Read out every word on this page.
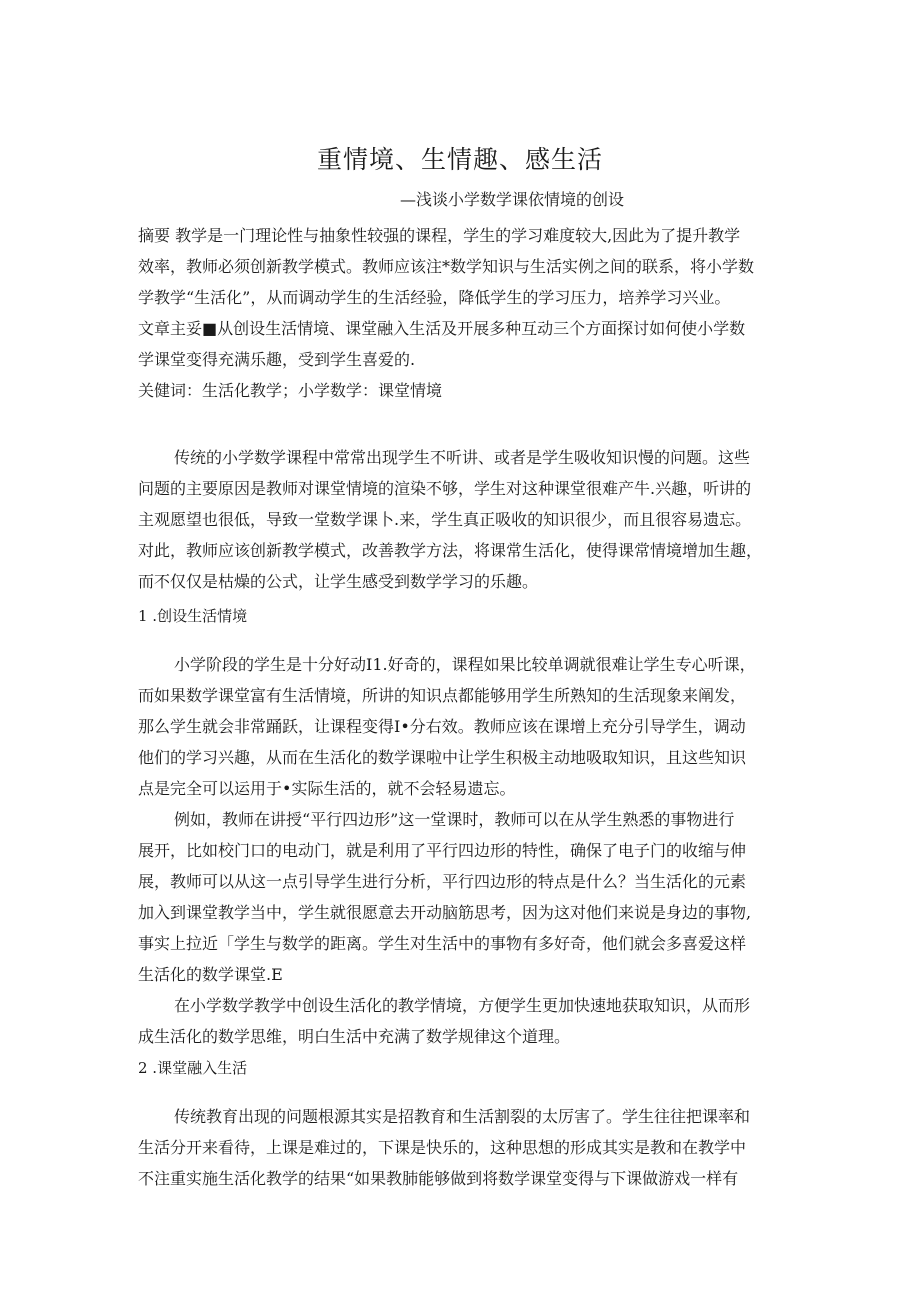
重情境、生情趣、感生活
—浅谈小学数学课依情境的创设
摘要 教学是一门理论性与抽象性较强的课程，学生的学习难度较大,因此为了提升教学
效率，教师必须创新教学模式。教师应该注*数学知识与生活实例之间的联系，将小学数
学教学“生活化”，从而调动学生的生活经验，降低学生的学习压力，培养学习兴业。
文章主妥■从创设生活情境、课堂融入生活及开展多种互动三个方面探讨如何使小学数
学课堂变得充满乐趣，受到学生喜爱的.
关健词：生活化教学；小学数学：课堂情境
传统的小学数学课程中常常出现学生不听讲、或者是学生吸收知识慢的问题。这些
问题的主要原因是教师对课堂情境的渲染不够，学生对这种课堂很难产牛.兴趣，听讲的
主观愿望也很低，导致一堂数学课卜.来，学生真正吸收的知识很少，而且很容易遗忘。
对此，教师应该创新教学模式，改善教学方法，将课常生活化，使得课常情境增加生趣，
而不仅仅是枯燥的公式，让学生感受到数学学习的乐趣。
1 .创设生活情境
小学阶段的学生是十分好动I1.好奇的，课程如果比较单调就很难让学生专心听课，
而如果数学课堂富有生活情境，所讲的知识点都能够用学生所熟知的生活现象来阐发，
那么学生就会非常踊跃，让课程变得I•分右效。教师应该在课增上充分引导学生，调动
他们的学习兴趣，从而在生活化的数学课啦中让学生积极主动地吸取知识，且这些知识
点是完全可以运用于•实际生活的，就不会轻易遗忘。
例如，教师在讲授“平行四边形”这一堂课时，教师可以在从学生熟悉的事物进行
展开，比如校门口的电动门，就是利用了平行四边形的特性，确保了电子门的收缩与伸
展，教师可以从这一点引导学生进行分析，平行四边形的特点是什么？当生活化的元素
加入到课堂教学当中，学生就很愿意去开动脑筋思考，因为这对他们来说是身边的事物,
事实上拉近「学生与数学的距离。学生对生活中的事物有多好奇，他们就会多喜爱这样
生活化的数学课堂.E
在小学数学教学中创设生活化的教学情境，方便学生更加快速地获取知识，从而形
成生活化的数学思维，明白生活中充满了数学规律这个道理。
2 .课堂融入生活
传统教育出现的问题根源其实是招教育和生活割裂的太厉害了。学生往往把课率和
生活分开来看待，上课是难过的，下课是快乐的，这种思想的形成其实是教和在教学中
不注重实施生活化教学的结果“如果教肺能够做到将数学课堂变得与下课做游戏一样有
